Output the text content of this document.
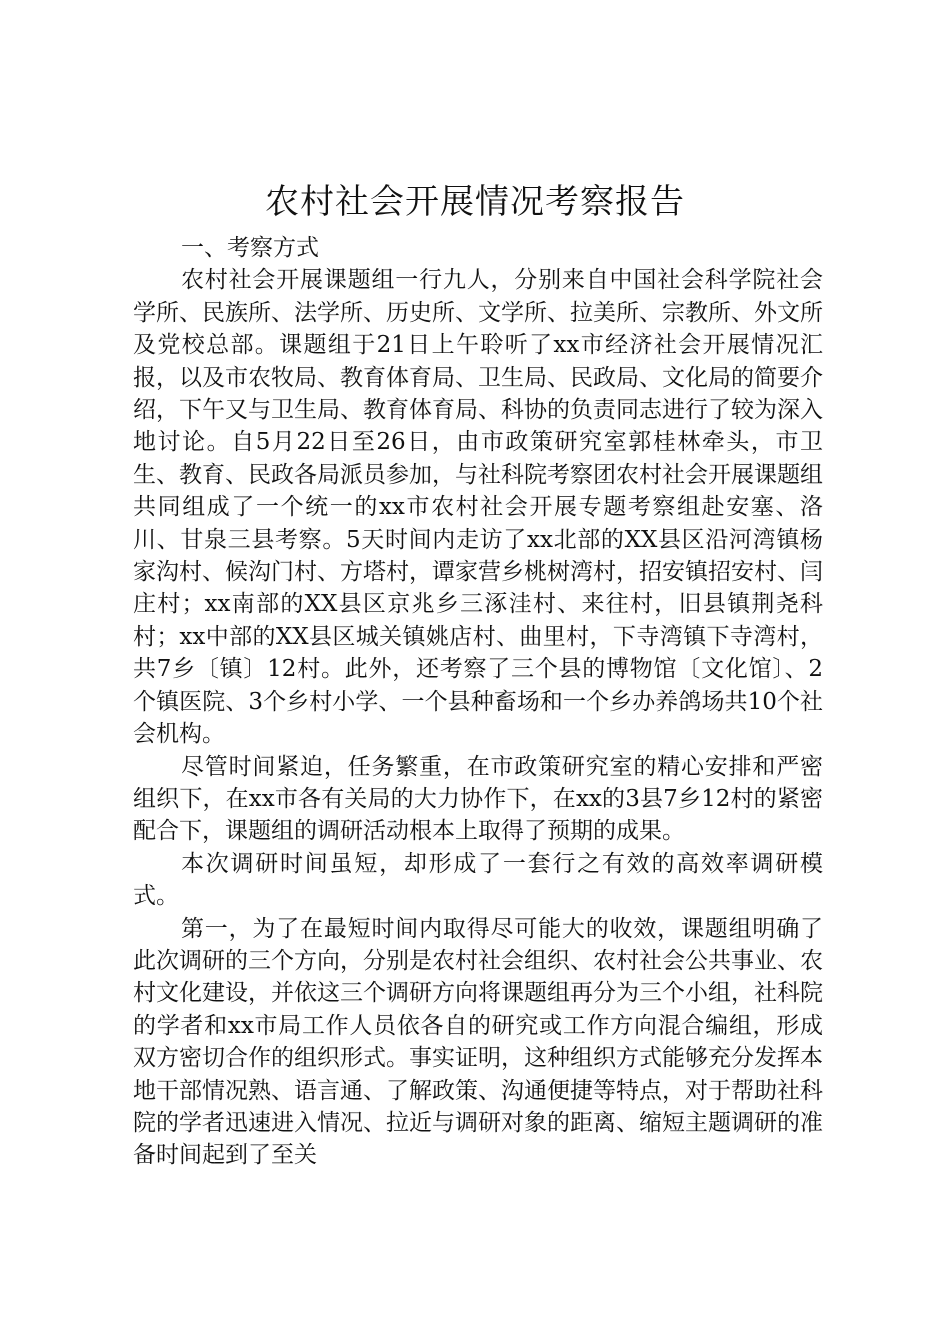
农村社会开展情况考察报告

一、考察方式

农村社会开展课题组一行九人，分别来自中国社会科学院社会学所、民族所、法学所、历史所、文学所、拉美所、宗教所、外文所及党校总部。课题组于21日上午聆听了xx市经济社会开展情况汇报，以及市农牧局、教育体育局、卫生局、民政局、文化局的简要介绍，下午又与卫生局、教育体育局、科协的负责同志进行了较为深入地讨论。自5月22日至26日，由市政策研究室郭桂林牵头，市卫生、教育、民政各局派员参加，与社科院考察团农村社会开展课题组共同组成了一个统一的xx市农村社会开展专题考察组赴安塞、洛川、甘泉三县考察。5天时间内走访了xx北部的XX县区沿河湾镇杨家沟村、候沟门村、方塔村，谭家营乡桃树湾村，招安镇招安村、闫庄村；xx南部的XX县区京兆乡三涿洼村、来往村，旧县镇荆尧科村；xx中部的XX县区城关镇姚店村、曲里村，下寺湾镇下寺湾村，共7乡〔镇〕12村。此外，还考察了三个县的博物馆〔文化馆〕、2个镇医院、3个乡村小学、一个县种畜场和一个乡办养鸽场共10个社会机构。

尽管时间紧迫，任务繁重，在市政策研究室的精心安排和严密组织下，在xx市各有关局的大力协作下，在xx的3县7乡12村的紧密配合下，课题组的调研活动根本上取得了预期的成果。

本次调研时间虽短，却形成了一套行之有效的高效率调研模式。

第一，为了在最短时间内取得尽可能大的收效，课题组明确了此次调研的三个方向，分别是农村社会组织、农村社会公共事业、农村文化建设，并依这三个调研方向将课题组再分为三个小组，社科院的学者和xx市局工作人员依各自的研究或工作方向混合编组，形成双方密切合作的组织形式。事实证明，这种组织方式能够充分发挥本地干部情况熟、语言通、了解政策、沟通便捷等特点，对于帮助社科院的学者迅速进入情况、拉近与调研对象的距离、缩短主题调研的准备时间起到了至关
